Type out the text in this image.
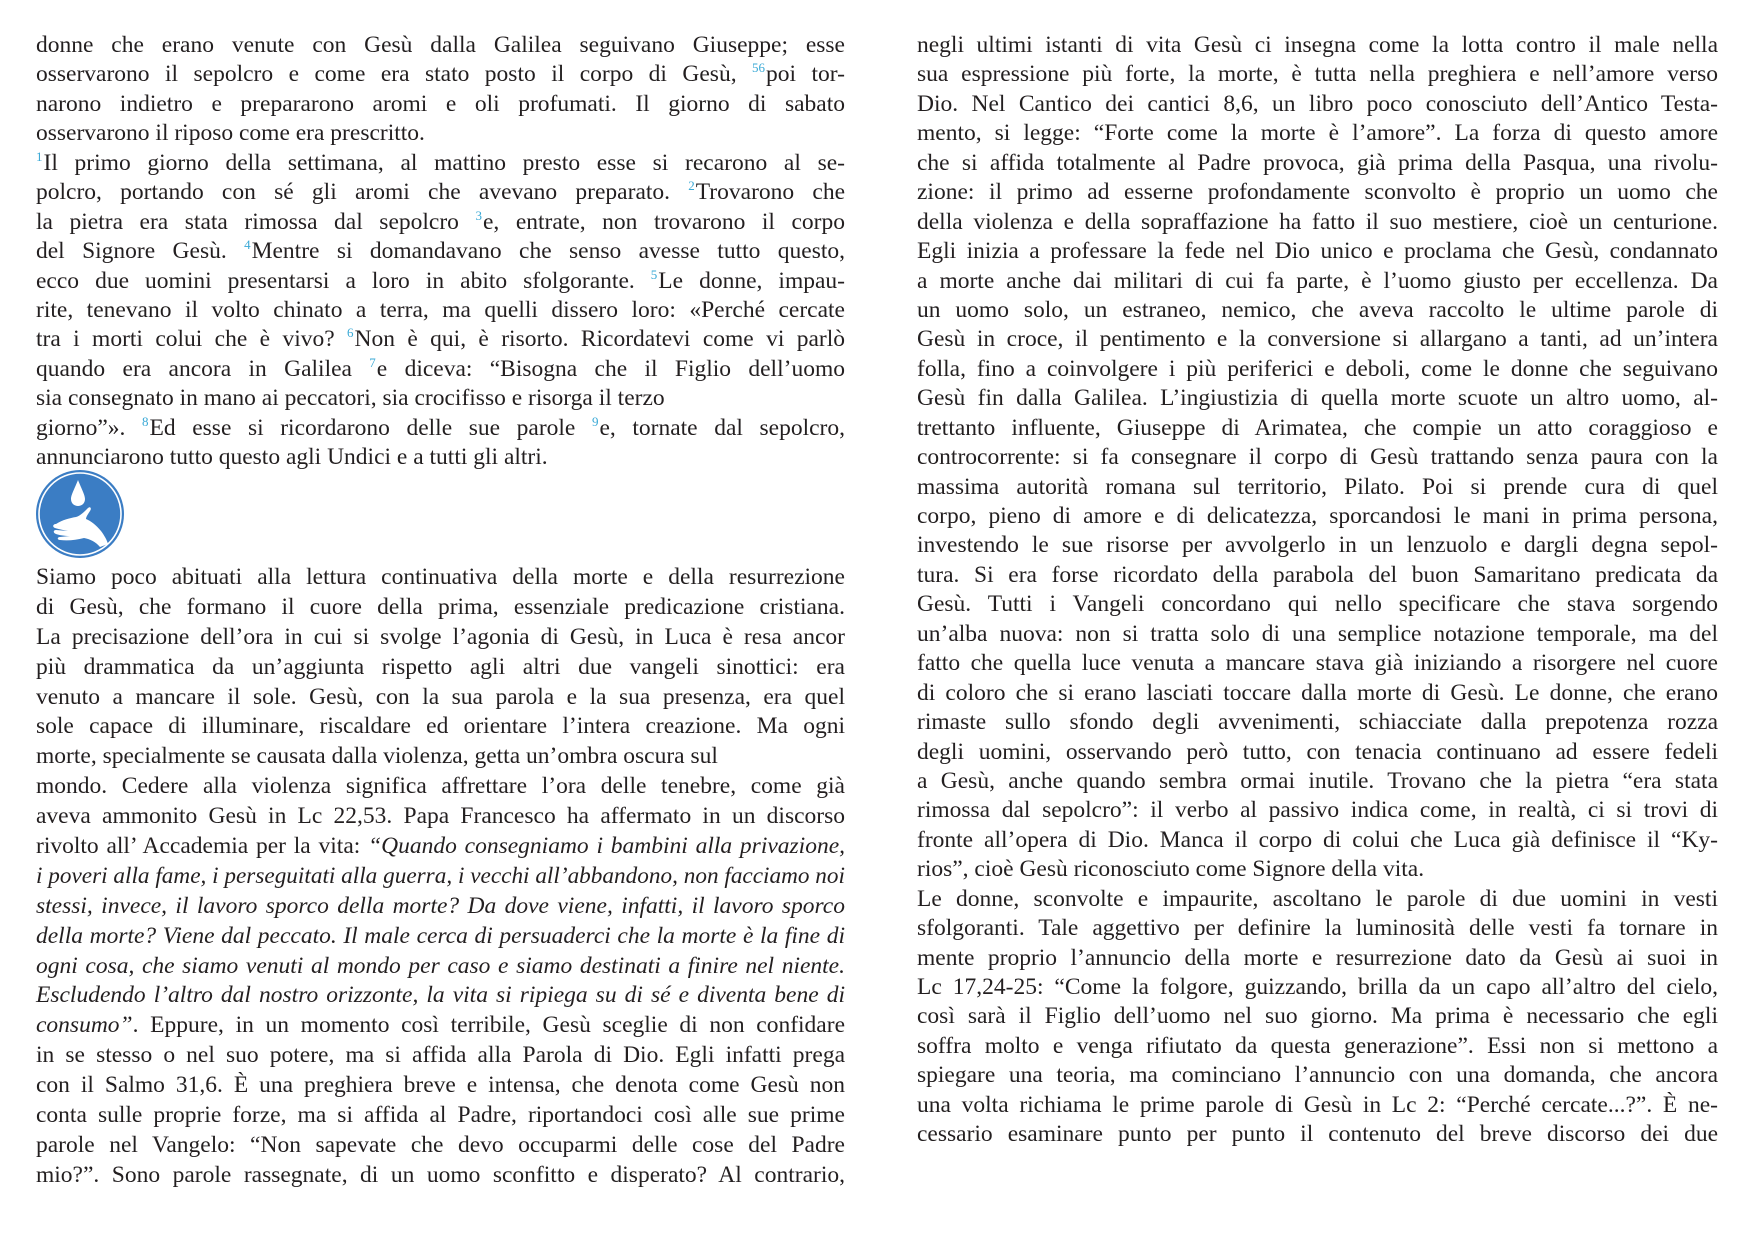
donne che erano venute con Gesù dalla Galilea seguivano Giuseppe; esse
osservarono il sepolcro e come era stato posto il corpo di Gesù, $^{56}$poi tor-
narono indietro e prepararono aromi e oli profumati. Il giorno di sabato
osservarono il riposo come era prescritto.
$^1$Il primo giorno della settimana, al mattino presto esse si recarono al se-
polcro, portando con sé gli aromi che avevano preparato. $^2$Trovarono che
la pietra era stata rimossa dal sepolcro $^3$e, entrate, non trovarono il corpo
del Signore Gesù. $^4$Mentre si domandavano che senso avesse tutto questo,
ecco due uomini presentarsi a loro in abito sfolgorante. $^5$Le donne, impau-
rite, tenevano il volto chinato a terra, ma quelli dissero loro: «Perché cercate
tra i morti colui che è vivo? $^6$Non è qui, è risorto. Ricordatevi come vi parlò
quando era ancora in Galilea $^7$e diceva: “Bisogna che il Figlio dell’uomo
sia consegnato in mano ai peccatori, sia crocifisso e risorga il terzo
giorno”». $^8$Ed esse si ricordarono delle sue parole $^9$e, tornate dal sepolcro,
annunciarono tutto questo agli Undici e a tutti gli altri.
Siamo poco abituati alla lettura continuativa della morte e della resurrezione
di Gesù, che formano il cuore della prima, essenziale predicazione cristiana.
La precisazione dell’ora in cui si svolge l’agonia di Gesù, in Luca è resa ancor
più drammatica da un’aggiunta rispetto agli altri due vangeli sinottici: era
venuto a mancare il sole. Gesù, con la sua parola e la sua presenza, era quel
sole capace di illuminare, riscaldare ed orientare l’intera creazione. Ma ogni
morte, specialmente se causata dalla violenza, getta un’ombra oscura sul
mondo. Cedere alla violenza significa affrettare l’ora delle tenebre, come già
aveva ammonito Gesù in Lc 22,53. Papa Francesco ha affermato in un discorso
rivolto all’ Accademia per la vita: “Quando consegniamo i bambini alla privazione,
i poveri alla fame, i perseguitati alla guerra, i vecchi all’abbandono, non facciamo noi
stessi, invece, il lavoro sporco della morte? Da dove viene, infatti, il lavoro sporco
della morte? Viene dal peccato. Il male cerca di persuaderci che la morte è la fine di
ogni cosa, che siamo venuti al mondo per caso e siamo destinati a finire nel niente.
Escludendo l’altro dal nostro orizzonte, la vita si ripiega su di sé e diventa bene di
consumo”. Eppure, in un momento così terribile, Gesù sceglie di non confidare
in se stesso o nel suo potere, ma si affida alla Parola di Dio. Egli infatti prega
con il Salmo 31,6. È una preghiera breve e intensa, che denota come Gesù non
conta sulle proprie forze, ma si affida al Padre, riportandoci così alle sue prime
parole nel Vangelo: “Non sapevate che devo occuparmi delle cose del Padre
mio?”. Sono parole rassegnate, di un uomo sconfitto e disperato? Al contrario,
negli ultimi istanti di vita Gesù ci insegna come la lotta contro il male nella
sua espressione più forte, la morte, è tutta nella preghiera e nell’amore verso
Dio. Nel Cantico dei cantici 8,6, un libro poco conosciuto dell’Antico Testa-
mento, si legge: “Forte come la morte è l’amore”. La forza di questo amore
che si affida totalmente al Padre provoca, già prima della Pasqua, una rivolu-
zione: il primo ad esserne profondamente sconvolto è proprio un uomo che
della violenza e della sopraffazione ha fatto il suo mestiere, cioè un centurione.
Egli inizia a professare la fede nel Dio unico e proclama che Gesù, condannato
a morte anche dai militari di cui fa parte, è l’uomo giusto per eccellenza. Da
un uomo solo, un estraneo, nemico, che aveva raccolto le ultime parole di
Gesù in croce, il pentimento e la conversione si allargano a tanti, ad un’intera
folla, fino a coinvolgere i più periferici e deboli, come le donne che seguivano
Gesù fin dalla Galilea. L’ingiustizia di quella morte scuote un altro uomo, al-
trettanto influente, Giuseppe di Arimatea, che compie un atto coraggioso e
controcorrente: si fa consegnare il corpo di Gesù trattando senza paura con la
massima autorità romana sul territorio, Pilato. Poi si prende cura di quel
corpo, pieno di amore e di delicatezza, sporcandosi le mani in prima persona,
investendo le sue risorse per avvolgerlo in un lenzuolo e dargli degna sepol-
tura. Si era forse ricordato della parabola del buon Samaritano predicata da
Gesù. Tutti i Vangeli concordano qui nello specificare che stava sorgendo
un’alba nuova: non si tratta solo di una semplice notazione temporale, ma del
fatto che quella luce venuta a mancare stava già iniziando a risorgere nel cuore
di coloro che si erano lasciati toccare dalla morte di Gesù. Le donne, che erano
rimaste sullo sfondo degli avvenimenti, schiacciate dalla prepotenza rozza
degli uomini, osservando però tutto, con tenacia continuano ad essere fedeli
a Gesù, anche quando sembra ormai inutile. Trovano che la pietra “era stata
rimossa dal sepolcro”: il verbo al passivo indica come, in realtà, ci si trovi di
fronte all’opera di Dio. Manca il corpo di colui che Luca già definisce il “Ky-
rios”, cioè Gesù riconosciuto come Signore della vita.
Le donne, sconvolte e impaurite, ascoltano le parole di due uomini in vesti
sfolgoranti. Tale aggettivo per definire la luminosità delle vesti fa tornare in
mente proprio l’annuncio della morte e resurrezione dato da Gesù ai suoi in
Lc 17,24-25: “Come la folgore, guizzando, brilla da un capo all’altro del cielo,
così sarà il Figlio dell’uomo nel suo giorno. Ma prima è necessario che egli
soffra molto e venga rifiutato da questa generazione”. Essi non si mettono a
spiegare una teoria, ma cominciano l’annuncio con una domanda, che ancora
una volta richiama le prime parole di Gesù in Lc 2: “Perché cercate...?”. È ne-
cessario esaminare punto per punto il contenuto del breve discorso dei due
